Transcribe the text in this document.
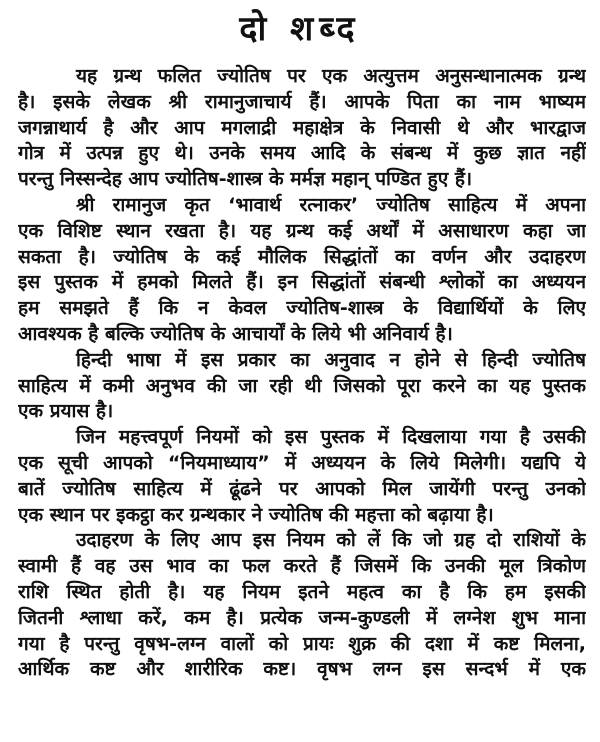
दो शब्द
यह ग्रन्थ फलित ज्योतिष पर एक अत्युत्तम अनुसन्धानात्मक ग्रन्थ
है। इसके लेखक श्री रामानुजाचार्य हैं। आपके पिता का नाम भाष्यम
जगन्नाथार्य है और आप मगलाद्री महाक्षेत्र के निवासी थे और भारद्वाज
गोत्र में उत्पन्न हुए थे। उनके समय आदि के संबन्ध में कुछ ज्ञात नहीं
परन्तु निस्सन्देह आप ज्योतिष-शास्त्र के मर्मज्ञ महान् पण्डित हुए हैं।
श्री रामानुज कृत ‘भावार्थ रत्नाकर’ ज्योतिष साहित्य में अपना
एक विशिष्ट स्थान रखता है। यह ग्रन्थ कई अर्थों में असाधारण कहा जा
सकता है। ज्योतिष के कई मौलिक सिद्धांतों का वर्णन और उदाहरण
इस पुस्तक में हमको मिलते हैं। इन सिद्धांतों संबन्धी श्लोकों का अध्ययन
हम समझते हैं कि न केवल ज्योतिष-शास्त्र के विद्यार्थियों के लिए
आवश्यक है बल्कि ज्योतिष के आचार्यों के लिये भी अनिवार्य है।
हिन्दी भाषा में इस प्रकार का अनुवाद न होने से हिन्दी ज्योतिष
साहित्य में कमी अनुभव की जा रही थी जिसको पूरा करने का यह पुस्तक
एक प्रयास है।
जिन महत्त्वपूर्ण नियमों को इस पुस्तक में दिखलाया गया है उसकी
एक सूची आपको “नियमाध्याय” में अध्ययन के लिये मिलेगी। यद्यपि ये
बातें ज्योतिष साहित्य में ढूंढने पर आपको मिल जायेंगी परन्तु उनको
एक स्थान पर इकट्ठा कर ग्रन्थकार ने ज्योतिष की महत्ता को बढ़ाया है।
उदाहरण के लिए आप इस नियम को लें कि जो ग्रह दो राशियों के
स्वामी हैं वह उस भाव का फल करते हैं जिसमें कि उनकी मूल त्रिकोण
राशि स्थित होती है। यह नियम इतने महत्व का है कि हम इसकी
जितनी श्लाधा करें, कम है। प्रत्येक जन्म-कुण्डली में लग्नेश शुभ माना
गया है परन्तु वृषभ-लग्न वालों को प्रायः शुक्र की दशा में कष्ट मिलना,
आर्थिक कष्ट और शारीरिक कष्ट। वृषभ लग्न इस सन्दर्भ में एक
